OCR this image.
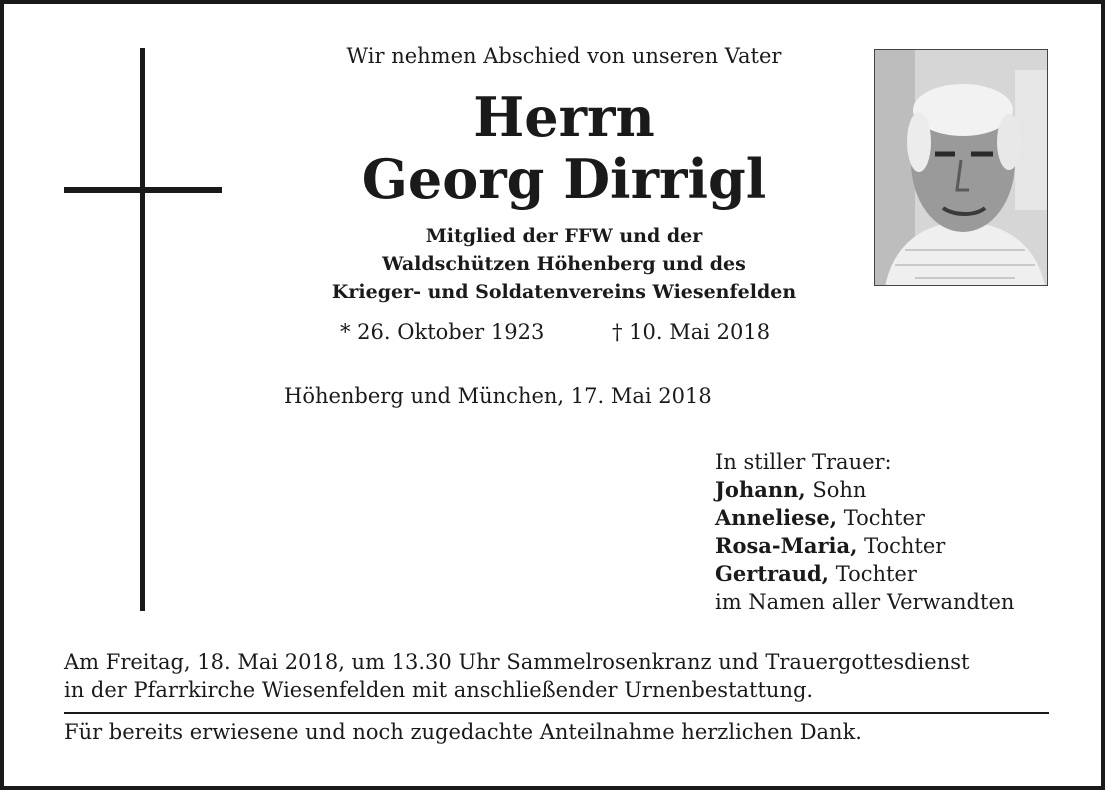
Wir nehmen Abschied von unseren Vater
Herrn
Georg Dirrigl
Mitglied der FFW und der
Waldschützen Höhenberg und des
Krieger- und Soldatenvereins Wiesenfelden
* 26. Oktober 1923	† 10. Mai 2018
Höhenberg und München, 17. Mai 2018
In stiller Trauer:
Johann, Sohn
Anneliese, Tochter
Rosa-Maria, Tochter
Gertraud, Tochter
im Namen aller Verwandten
Am Freitag, 18. Mai 2018, um 13.30 Uhr Sammelrosenkranz und Trauergottesdienst
in der Pfarrkirche Wiesenfelden mit anschließender Urnenbestattung.
Für bereits erwiesene und noch zugedachte Anteilnahme herzlichen Dank.
